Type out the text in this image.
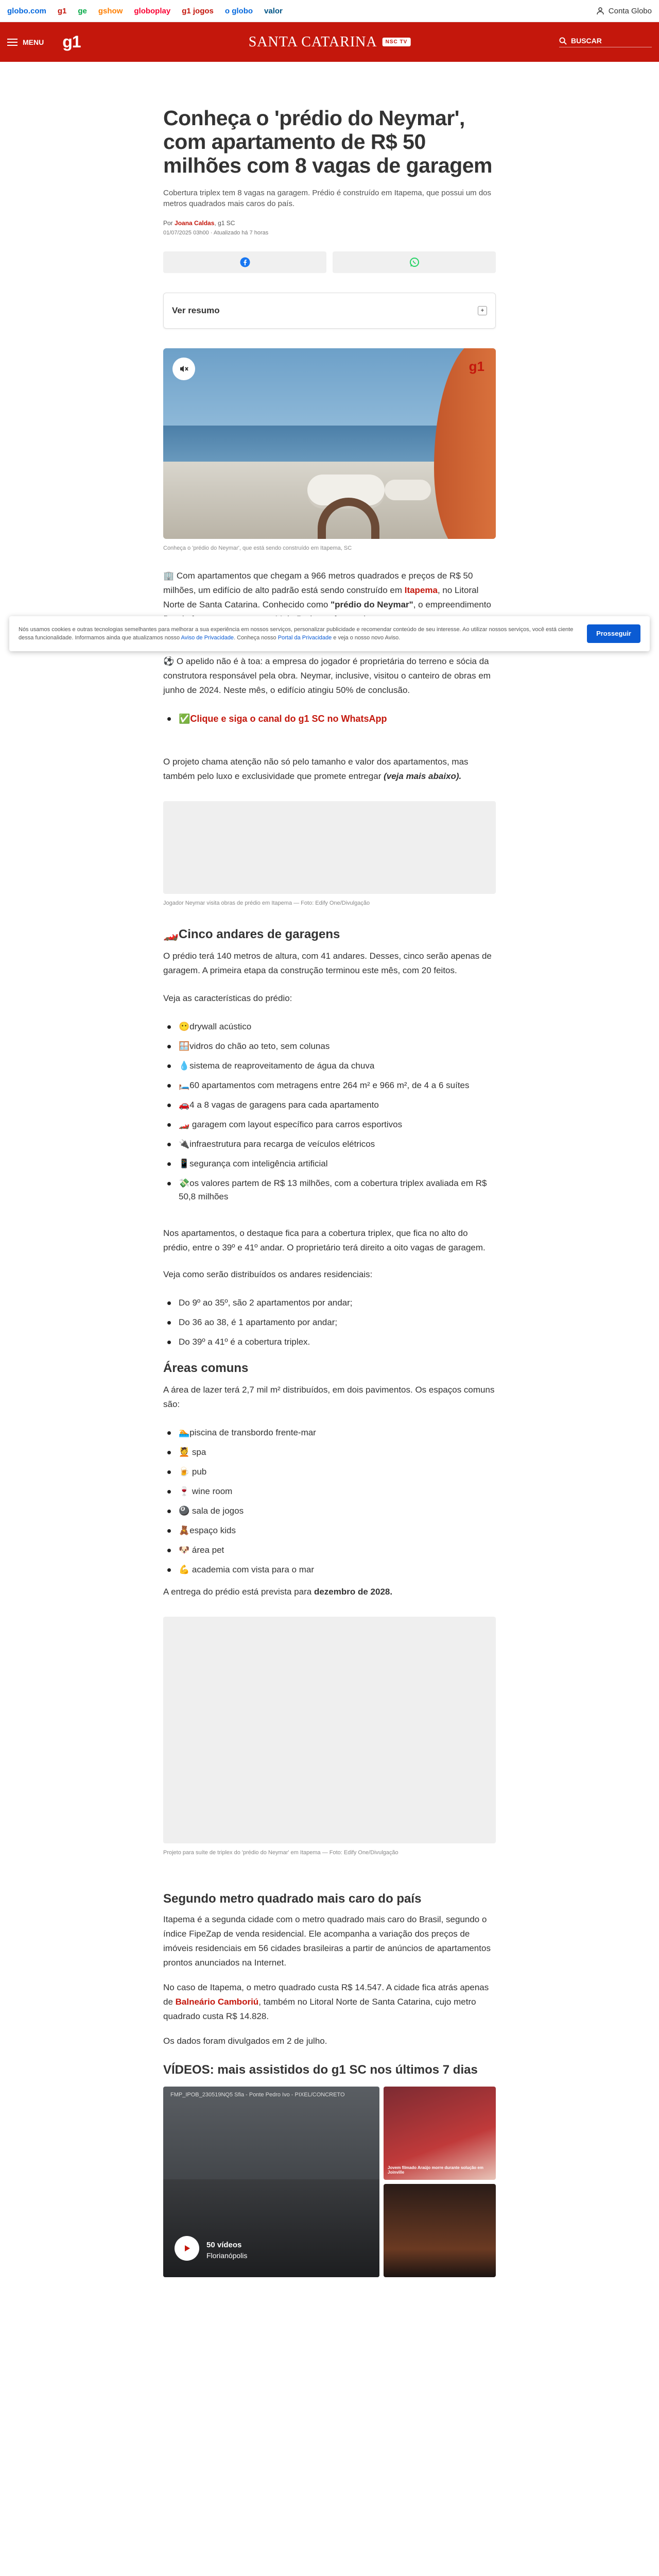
globo.com g1 ge gshow globoplay g1 jogos o globo valor	Conta Globo
MENU g1	SANTA CATARINA	NSC TV	BUSCAR
Nós usamos cookies e outras tecnologias semelhantes para melhorar a sua experiência em nossos serviços, personalizar publicidade e recomendar conteúdo de seu interesse. Ao utilizar nossos serviços, você está ciente dessa funcionalidade. Informamos ainda que atualizamos nosso Aviso de Privacidade. Conheça nosso Portal da Privacidade e veja o nosso novo Aviso.
Prosseguir
Conheça o 'prédio do Neymar', com apartamento de R$ 50 milhões com 8 vagas de garagem

Cobertura triplex tem 8 vagas na garagem. Prédio é construído em Itapema, que possui um dos metros quadrados mais caros do país.

Por Joana Caldas, g1 SC
01/07/2025 03h00 · Atualizado há 7 horas
Ver resumo	+
g1
Conheça o 'prédio do Neymar', que está sendo construído em Itapema, SC

🏢 Com apartamentos que chegam a 966 metros quadrados e preços de R$ 50 milhões, um edifício de alto padrão está sendo construído em Itapema, no Litoral Norte de Santa Catarina. Conhecido como "prédio do Neymar", o empreendimento

⚽ O apelido não é à toa: a empresa do jogador é proprietária do terreno e sócia da construtora responsável pela obra. Neymar, inclusive, visitou o canteiro de obras em junho de 2024. Neste mês, o edifício atingiu 50% de conclusão.

✅Clique e siga o canal do g1 SC no WhatsApp

O projeto chama atenção não só pelo tamanho e valor dos apartamentos, mas também pelo luxo e exclusividade que promete entregar (veja mais abaixo).

Jogador Neymar visita obras de prédio em Itapema — Foto: Edify One/Divulgação
🏎️Cinco andares de garagens

O prédio terá 140 metros de altura, com 41 andares. Desses, cinco serão apenas de garagem. A primeira etapa da construção terminou este mês, com 20 feitos.

Veja as características do prédio:

😶drywall acústico
🪟vidros do chão ao teto, sem colunas
💧sistema de reaproveitamento de água da chuva
🛏️60 apartamentos com metragens entre 264 m² e 966 m², de 4 a 6 suítes
🚗4 a 8 vagas de garagens para cada apartamento
🏎️ garagem com layout específico para carros esportivos
🔌infraestrutura para recarga de veículos elétricos
📱segurança com inteligência artificial
💸os valores partem de R$ 13 milhões, com a cobertura triplex avaliada em R$ 50,8 milhões

Nos apartamentos, o destaque fica para a cobertura triplex, que fica no alto do prédio, entre o 39º e 41º andar. O proprietário terá direito a oito vagas de garagem.

Veja como serão distribuídos os andares residenciais:

Do 9º ao 35º, são 2 apartamentos por andar;
Do 36 ao 38, é 1 apartamento por andar;
Do 39º a 41º é a cobertura triplex.
Áreas comuns

A área de lazer terá 2,7 mil m² distribuídos, em dois pavimentos. Os espaços comuns são:

🏊piscina de transbordo frente-mar
💆 spa
🍺 pub
🍷 wine room
🎱 sala de jogos
🧸espaço kids
🐶 área pet
💪 academia com vista para o mar

A entrega do prédio está prevista para dezembro de 2028.

Projeto para suíte de triplex do 'prédio do Neymar' em Itapema — Foto: Edify One/Divulgação
Segundo metro quadrado mais caro do país

Itapema é a segunda cidade com o metro quadrado mais caro do Brasil, segundo o índice FipeZap de venda residencial. Ele acompanha a variação dos preços de imóveis residenciais em 56 cidades brasileiras a partir de anúncios de apartamentos prontos anunciados na Internet.

No caso de Itapema, o metro quadrado custa R$ 14.547. A cidade fica atrás apenas de Balneário Camboriú, também no Litoral Norte de Santa Catarina, cujo metro quadrado custa R$ 14.828.

Os dados foram divulgados em 2 de julho.

VÍDEOS: mais assistidos do g1 SC nos últimos 7 dias
FMP_IPOB_230519NQ5 Sfia - Ponte Pedro Ivo - PIXEL/CONCRETO
50 vídeos
Florianópolis
Jovem filmado Araújo morre durante solução em Joinville
